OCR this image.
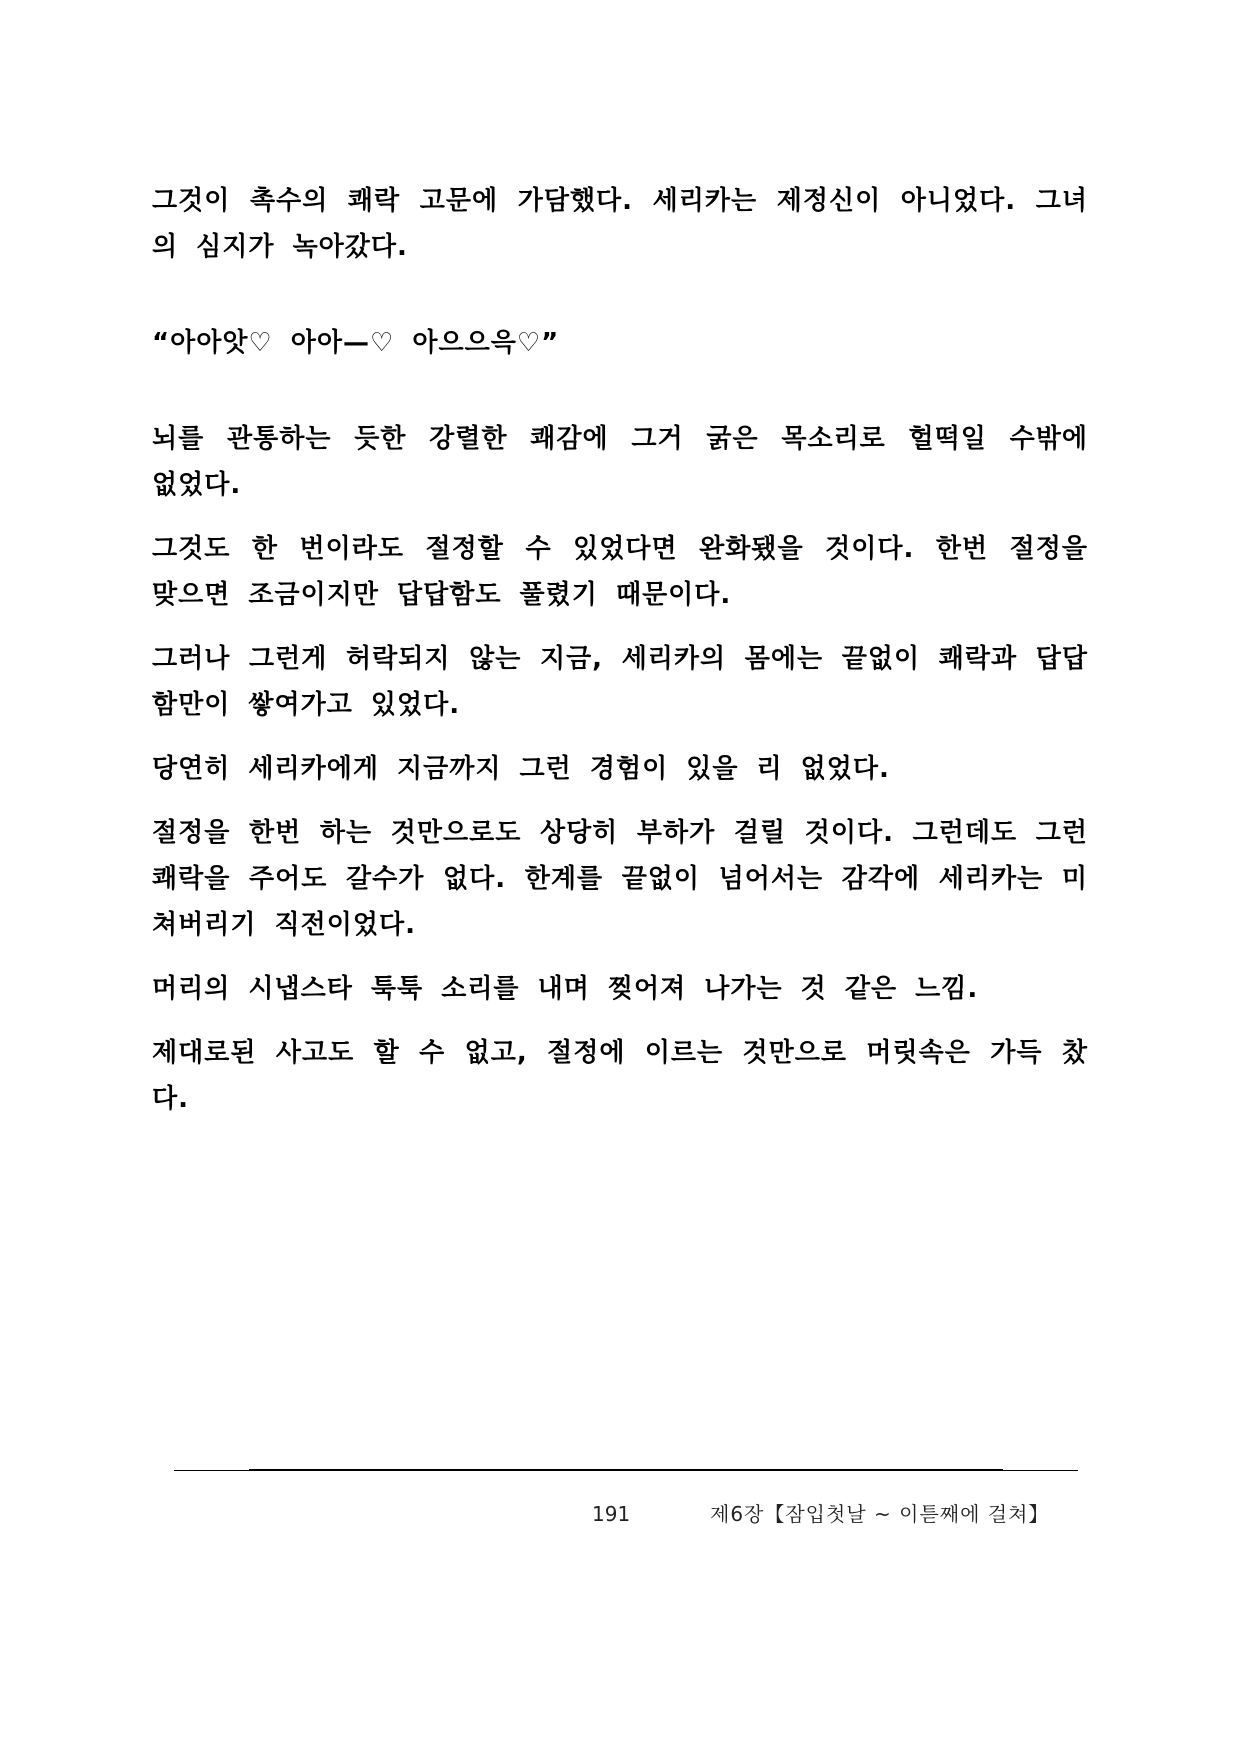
그것이 촉수의 쾌락 고문에 가담했다. 세리카는 제정신이 아니었다. 그녀의 심지가 녹아갔다.

“아아앗♡ 아아—♡ 아으으윽♡”

뇌를 관통하는 듯한 강렬한 쾌감에 그거 굵은 목소리로 헐떡일 수밖에 없었다.

그것도 한 번이라도 절정할 수 있었다면 완화됐을 것이다. 한번 절정을 맞으면 조금이지만 답답함도 풀렸기 때문이다.

그러나 그런게 허락되지 않는 지금, 세리카의 몸에는 끝없이 쾌락과 답답함만이 쌓여가고 있었다.

당연히 세리카에게 지금까지 그런 경험이 있을 리 없었다.

절정을 한번 하는 것만으로도 상당히 부하가 걸릴 것이다. 그런데도 그런 쾌락을 주어도 갈수가 없다. 한계를 끝없이 넘어서는 감각에 세리카는 미쳐버리기 직전이었다.

머리의 시냅스타 툭툭 소리를 내며 찢어져 나가는 것 같은 느낌.

제대로된 사고도 할 수 없고, 절정에 이르는 것만으로 머릿속은 가득 찼다.

191	제6장【잠입첫날 ~ 이튿째에 걸쳐】
